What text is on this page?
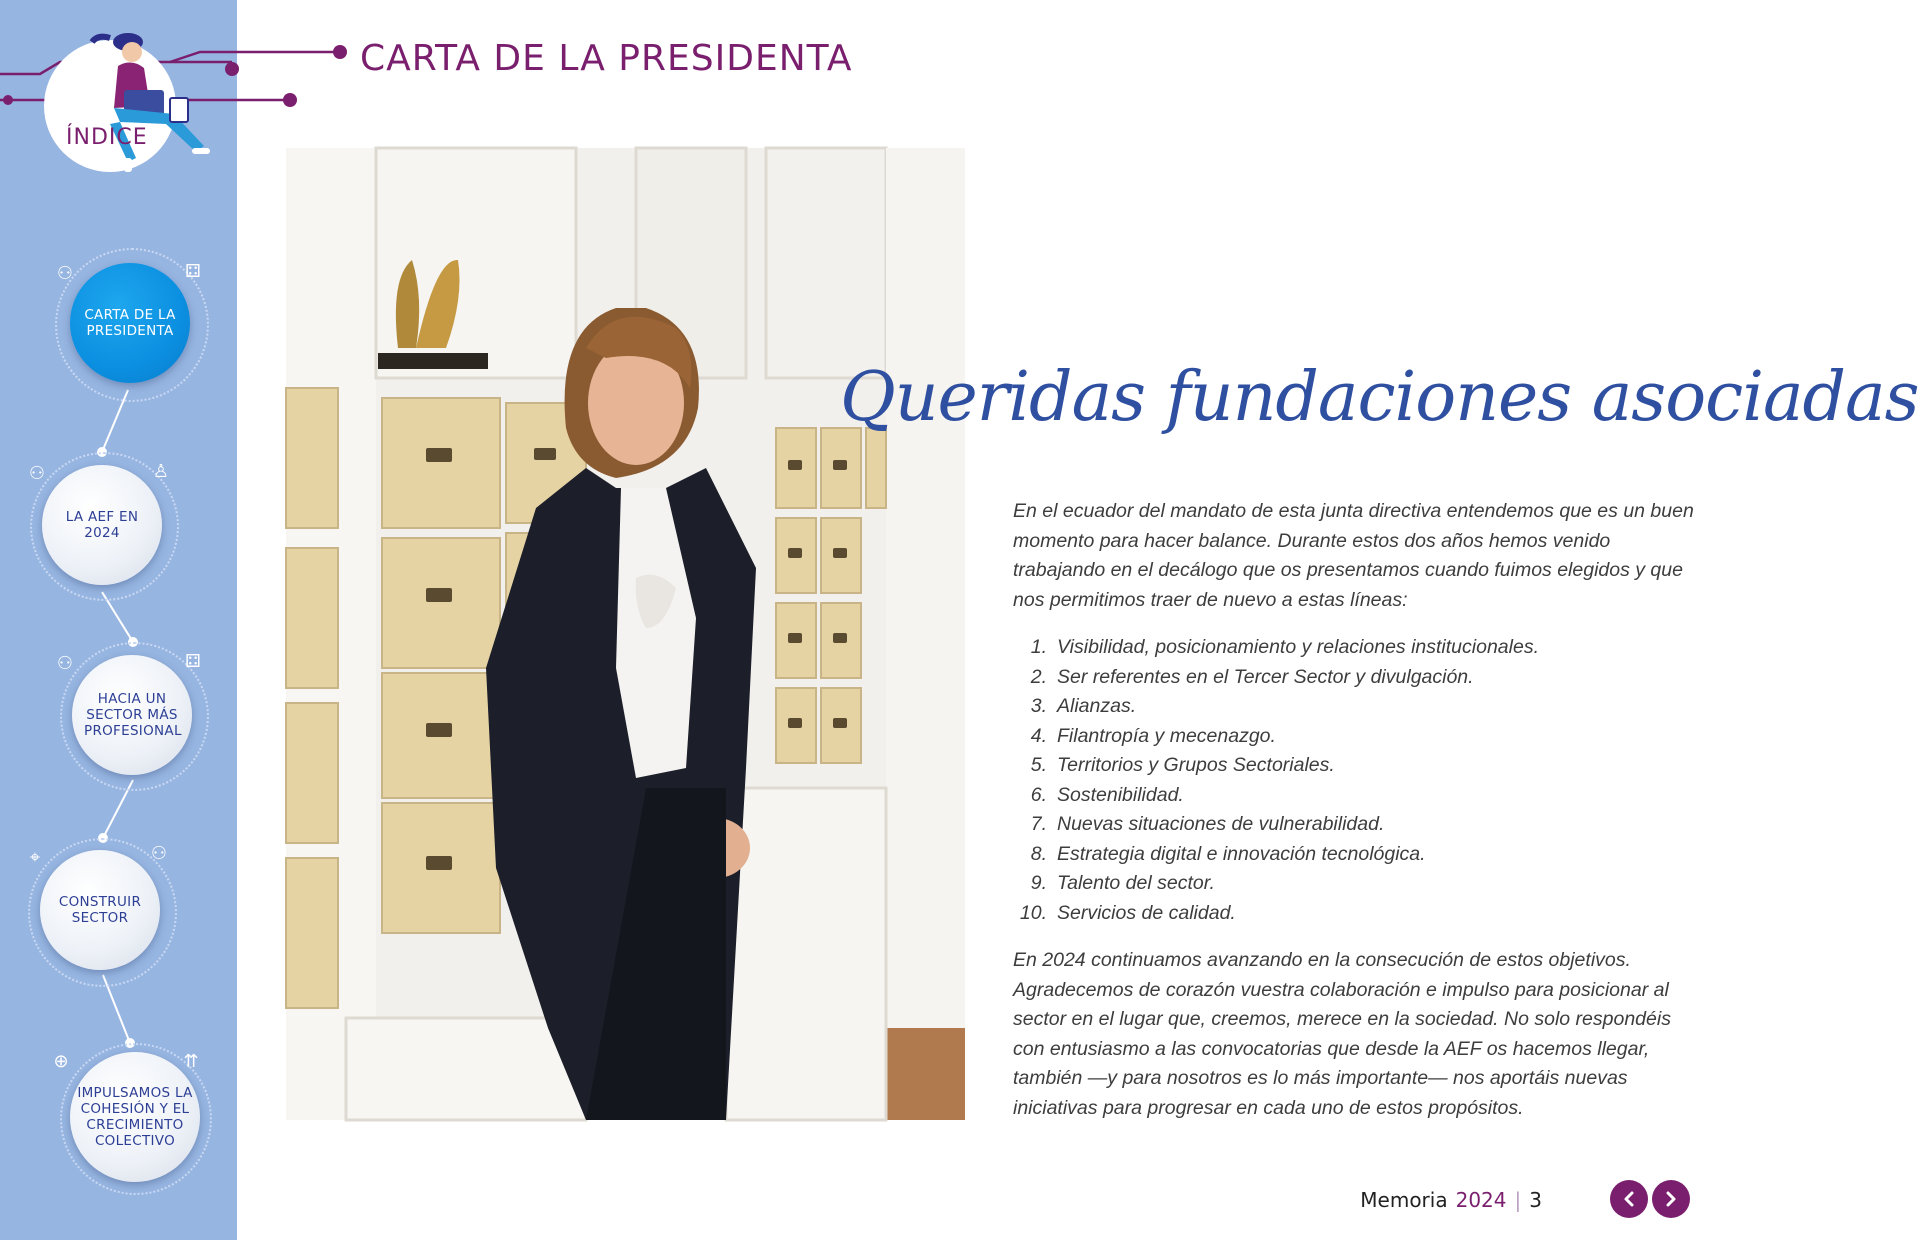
ÍNDICE
CARTA DE LA PRESIDENTA
⚇	⚃
LA AEF EN 2024
⚇	♙
HACIA UN SECTOR MÁS PROFESIONAL
⚇	⚃
CONSTRUIR SECTOR
⌖	⚇
IMPULSAMOS LA COHESIÓN Y EL CRECIMIENTO COLECTIVO
⊕	⇈
CARTA DE LA PRESIDENTA
Queridas fundaciones asociadas
En el ecuador del mandato de esta junta directiva entendemos que es un buen momento para hacer balance. Durante estos dos años hemos venido trabajando en el decálogo que os presentamos cuando fuimos elegidos y que nos permitimos traer de nuevo a estas líneas:
1. Visibilidad, posicionamiento y relaciones institucionales.
2. Ser referentes en el Tercer Sector y divulgación.
3. Alianzas.
4. Filantropía y mecenazgo.
5. Territorios y Grupos Sectoriales.
6. Sostenibilidad.
7. Nuevas situaciones de vulnerabilidad.
8. Estrategia digital e innovación tecnológica.
9. Talento del sector.
10. Servicios de calidad.
En 2024 continuamos avanzando en la consecución de estos objetivos. Agradecemos de corazón vuestra colaboración e impulso para posicionar al sector en el lugar que, creemos, merece en la sociedad. No solo respondéis con entusiasmo a las convocatorias que desde la AEF os hacemos llegar, también —y para nosotros es lo más importante— nos aportáis nuevas iniciativas para progresar en cada uno de estos propósitos.
Memoria 2024 | 3
